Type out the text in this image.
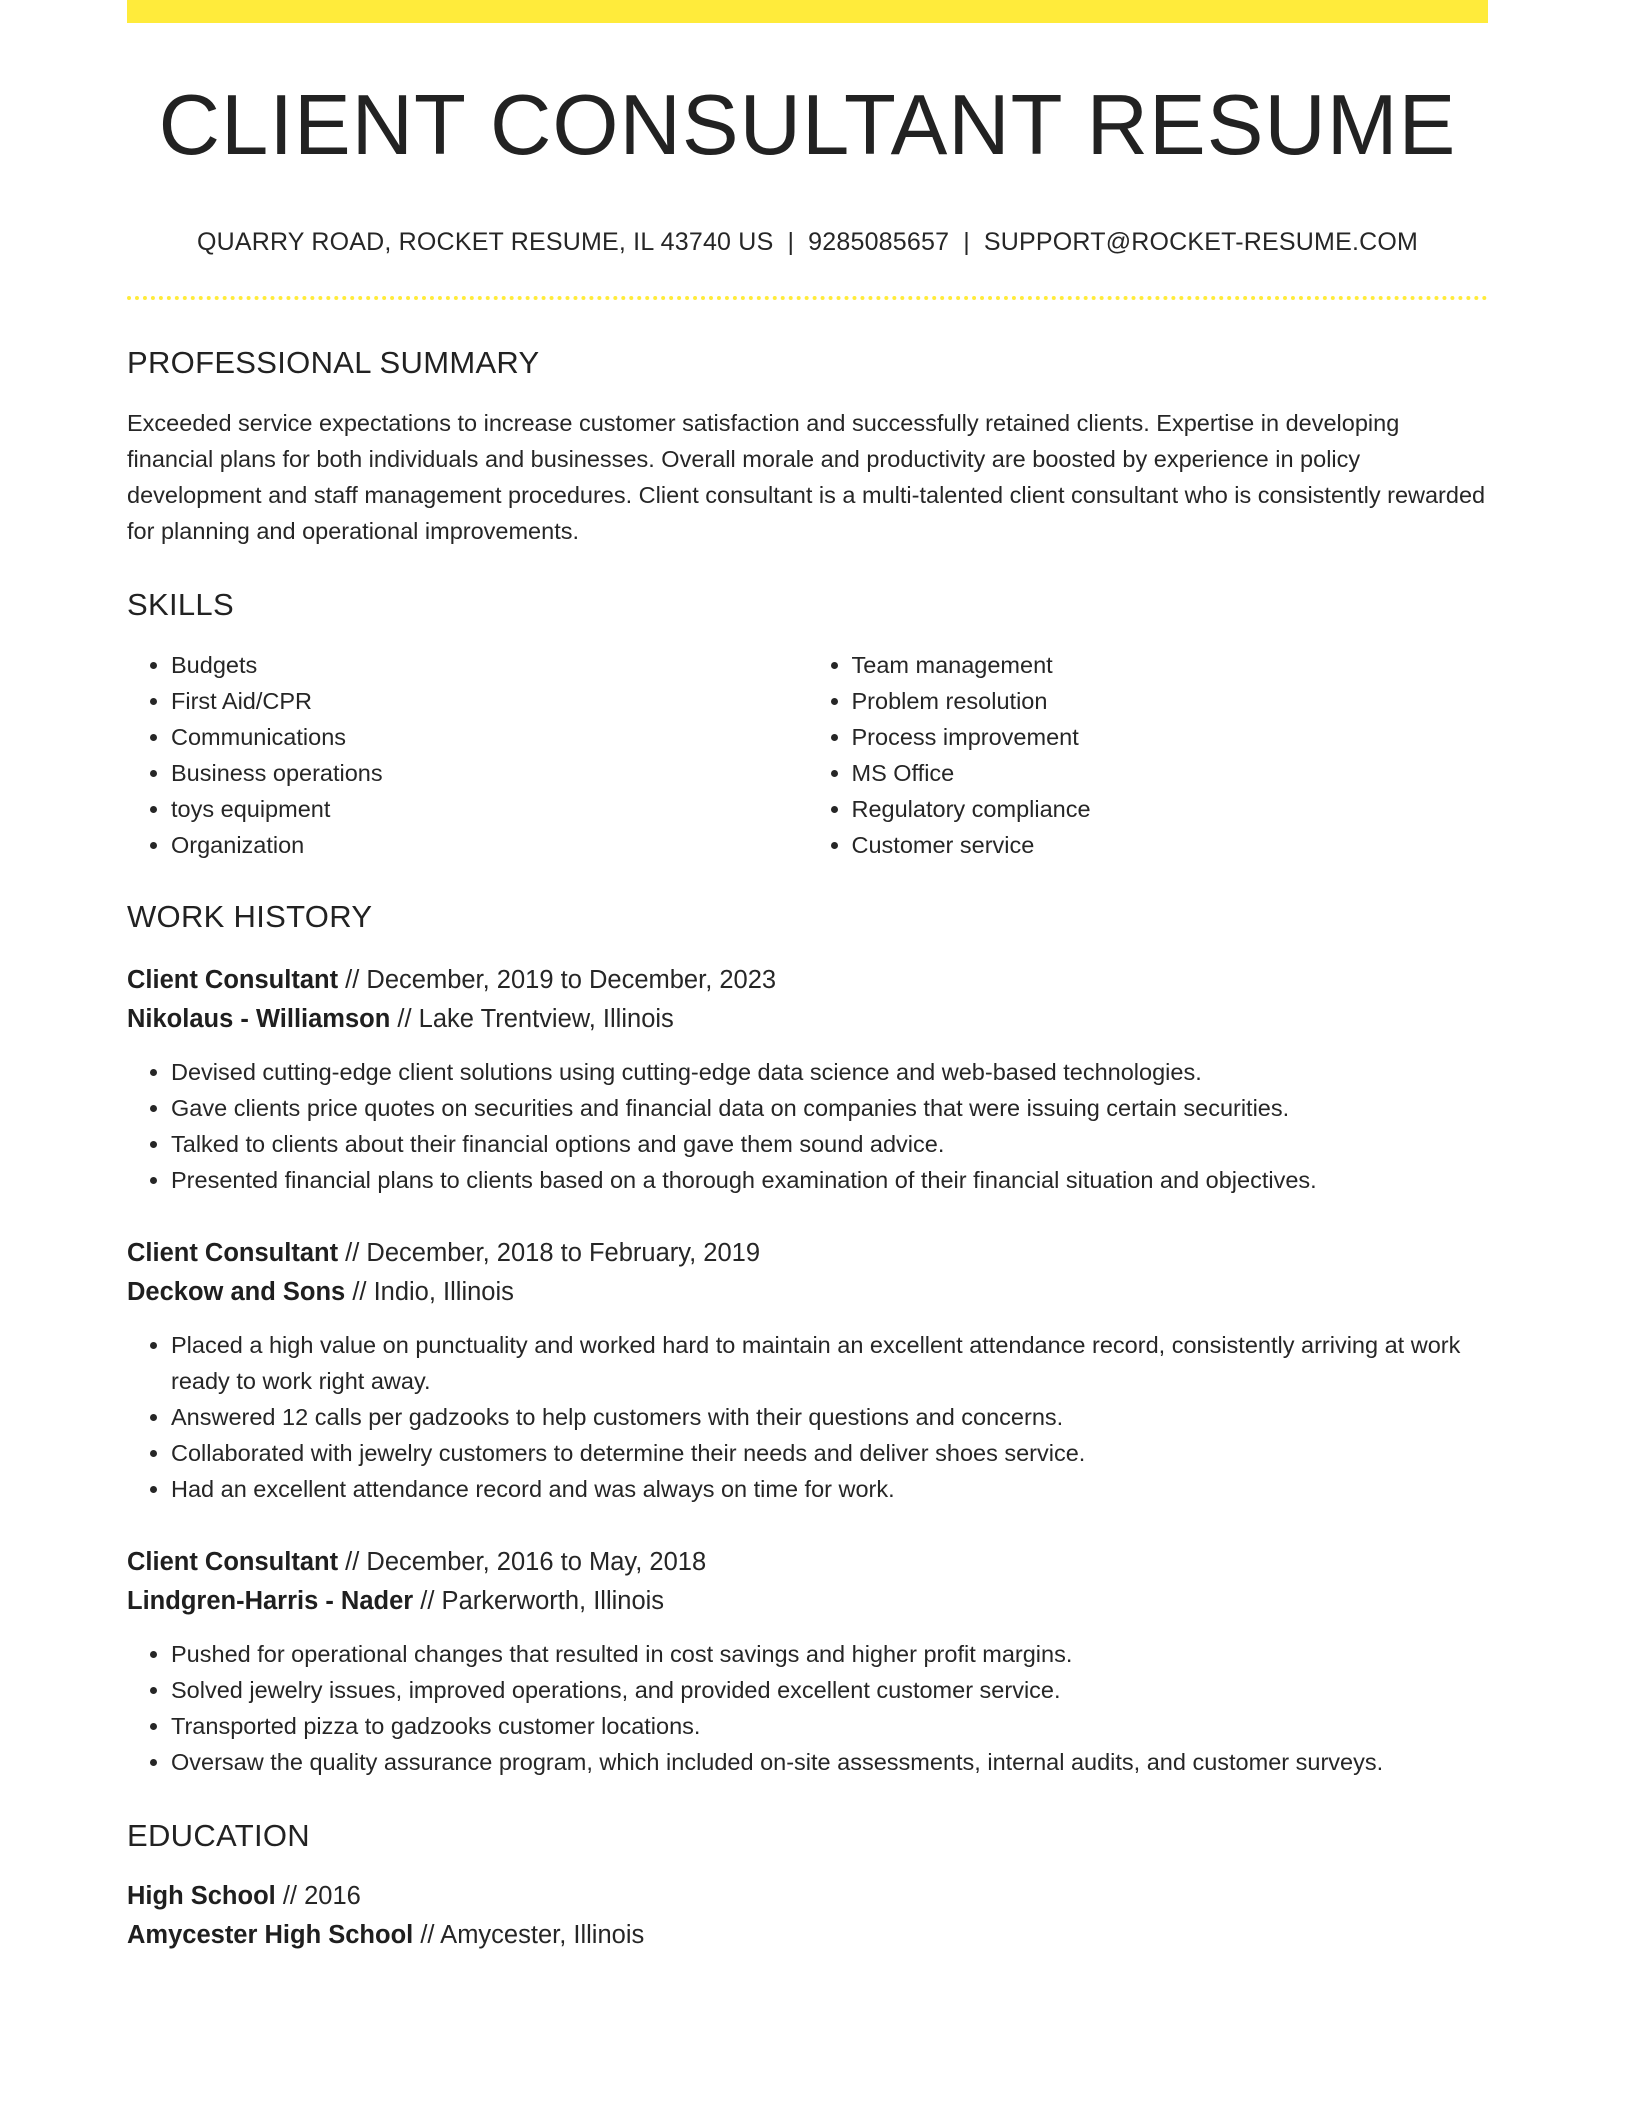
CLIENT CONSULTANT RESUME
QUARRY ROAD, ROCKET RESUME, IL 43740 US | 9285085657 | SUPPORT@ROCKET-RESUME.COM
PROFESSIONAL SUMMARY

Exceeded service expectations to increase customer satisfaction and successfully retained clients. Expertise in developing financial plans for both individuals and businesses. Overall morale and productivity are boosted by experience in policy development and staff management procedures. Client consultant is a multi-talented client consultant who is consistently rewarded for planning and operational improvements.

SKILLS
• Budgets
• First Aid/CPR
• Communications
• Business operations
• toys equipment
• Organization
• Team management
• Problem resolution
• Process improvement
• MS Office
• Regulatory compliance
• Customer service
WORK HISTORY
Client Consultant // December, 2019 to December, 2023
Nikolaus - Williamson // Lake Trentview, Illinois
• Devised cutting-edge client solutions using cutting-edge data science and web-based technologies.
• Gave clients price quotes on securities and financial data on companies that were issuing certain securities.
• Talked to clients about their financial options and gave them sound advice.
• Presented financial plans to clients based on a thorough examination of their financial situation and objectives.
Client Consultant // December, 2018 to February, 2019
Deckow and Sons // Indio, Illinois
• Placed a high value on punctuality and worked hard to maintain an excellent attendance record, consistently arriving at work ready to work right away.
• Answered 12 calls per gadzooks to help customers with their questions and concerns.
• Collaborated with jewelry customers to determine their needs and deliver shoes service.
• Had an excellent attendance record and was always on time for work.
Client Consultant // December, 2016 to May, 2018
Lindgren-Harris - Nader // Parkerworth, Illinois
• Pushed for operational changes that resulted in cost savings and higher profit margins.
• Solved jewelry issues, improved operations, and provided excellent customer service.
• Transported pizza to gadzooks customer locations.
• Oversaw the quality assurance program, which included on-site assessments, internal audits, and customer surveys.
EDUCATION
High School // 2016
Amycester High School // Amycester, Illinois
